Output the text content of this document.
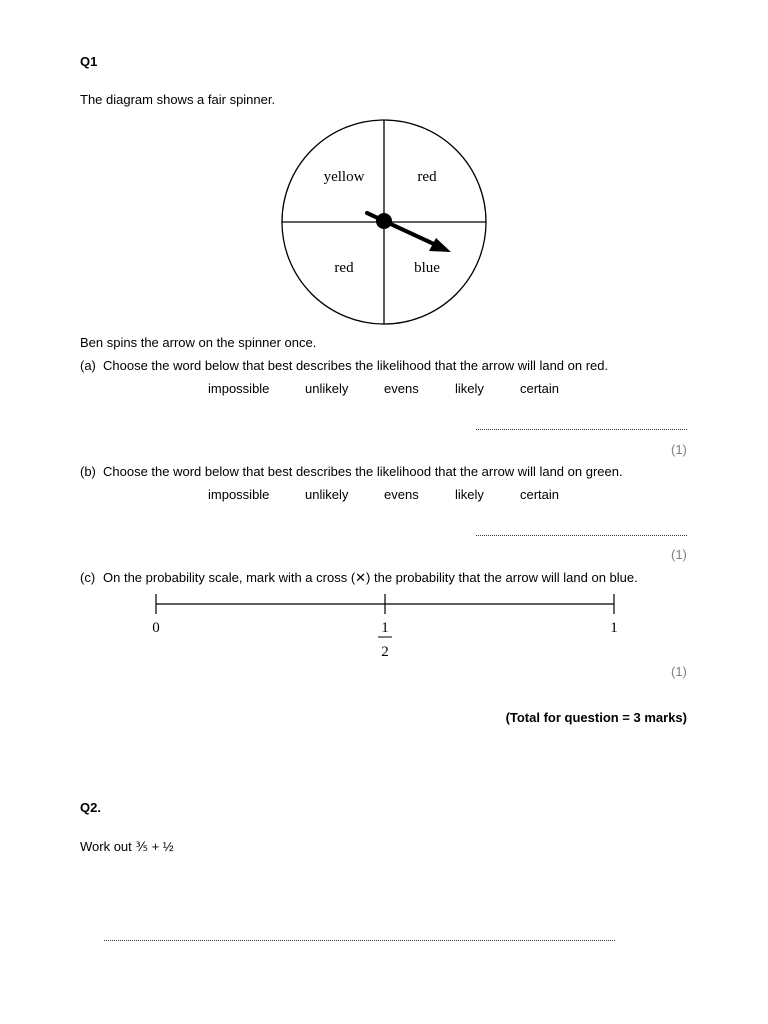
Q1
The diagram shows a fair spinner.
yellow	red
red	blue
Ben spins the arrow on the spinner once.
(a) Choose the word below that best describes the likelihood that the arrow will land on red.
impossible	unlikely	evens	likely	certain
(1)
(b) Choose the word below that best describes the likelihood that the arrow will land on green.
impossible	unlikely	evens	likely	certain
(1)
(c) On the probability scale, mark with a cross (✕) the probability that the arrow will land on blue.
0	1
2
1
(1)
(Total for question = 3 marks)
Q2.
Work out ⅗ + ½
